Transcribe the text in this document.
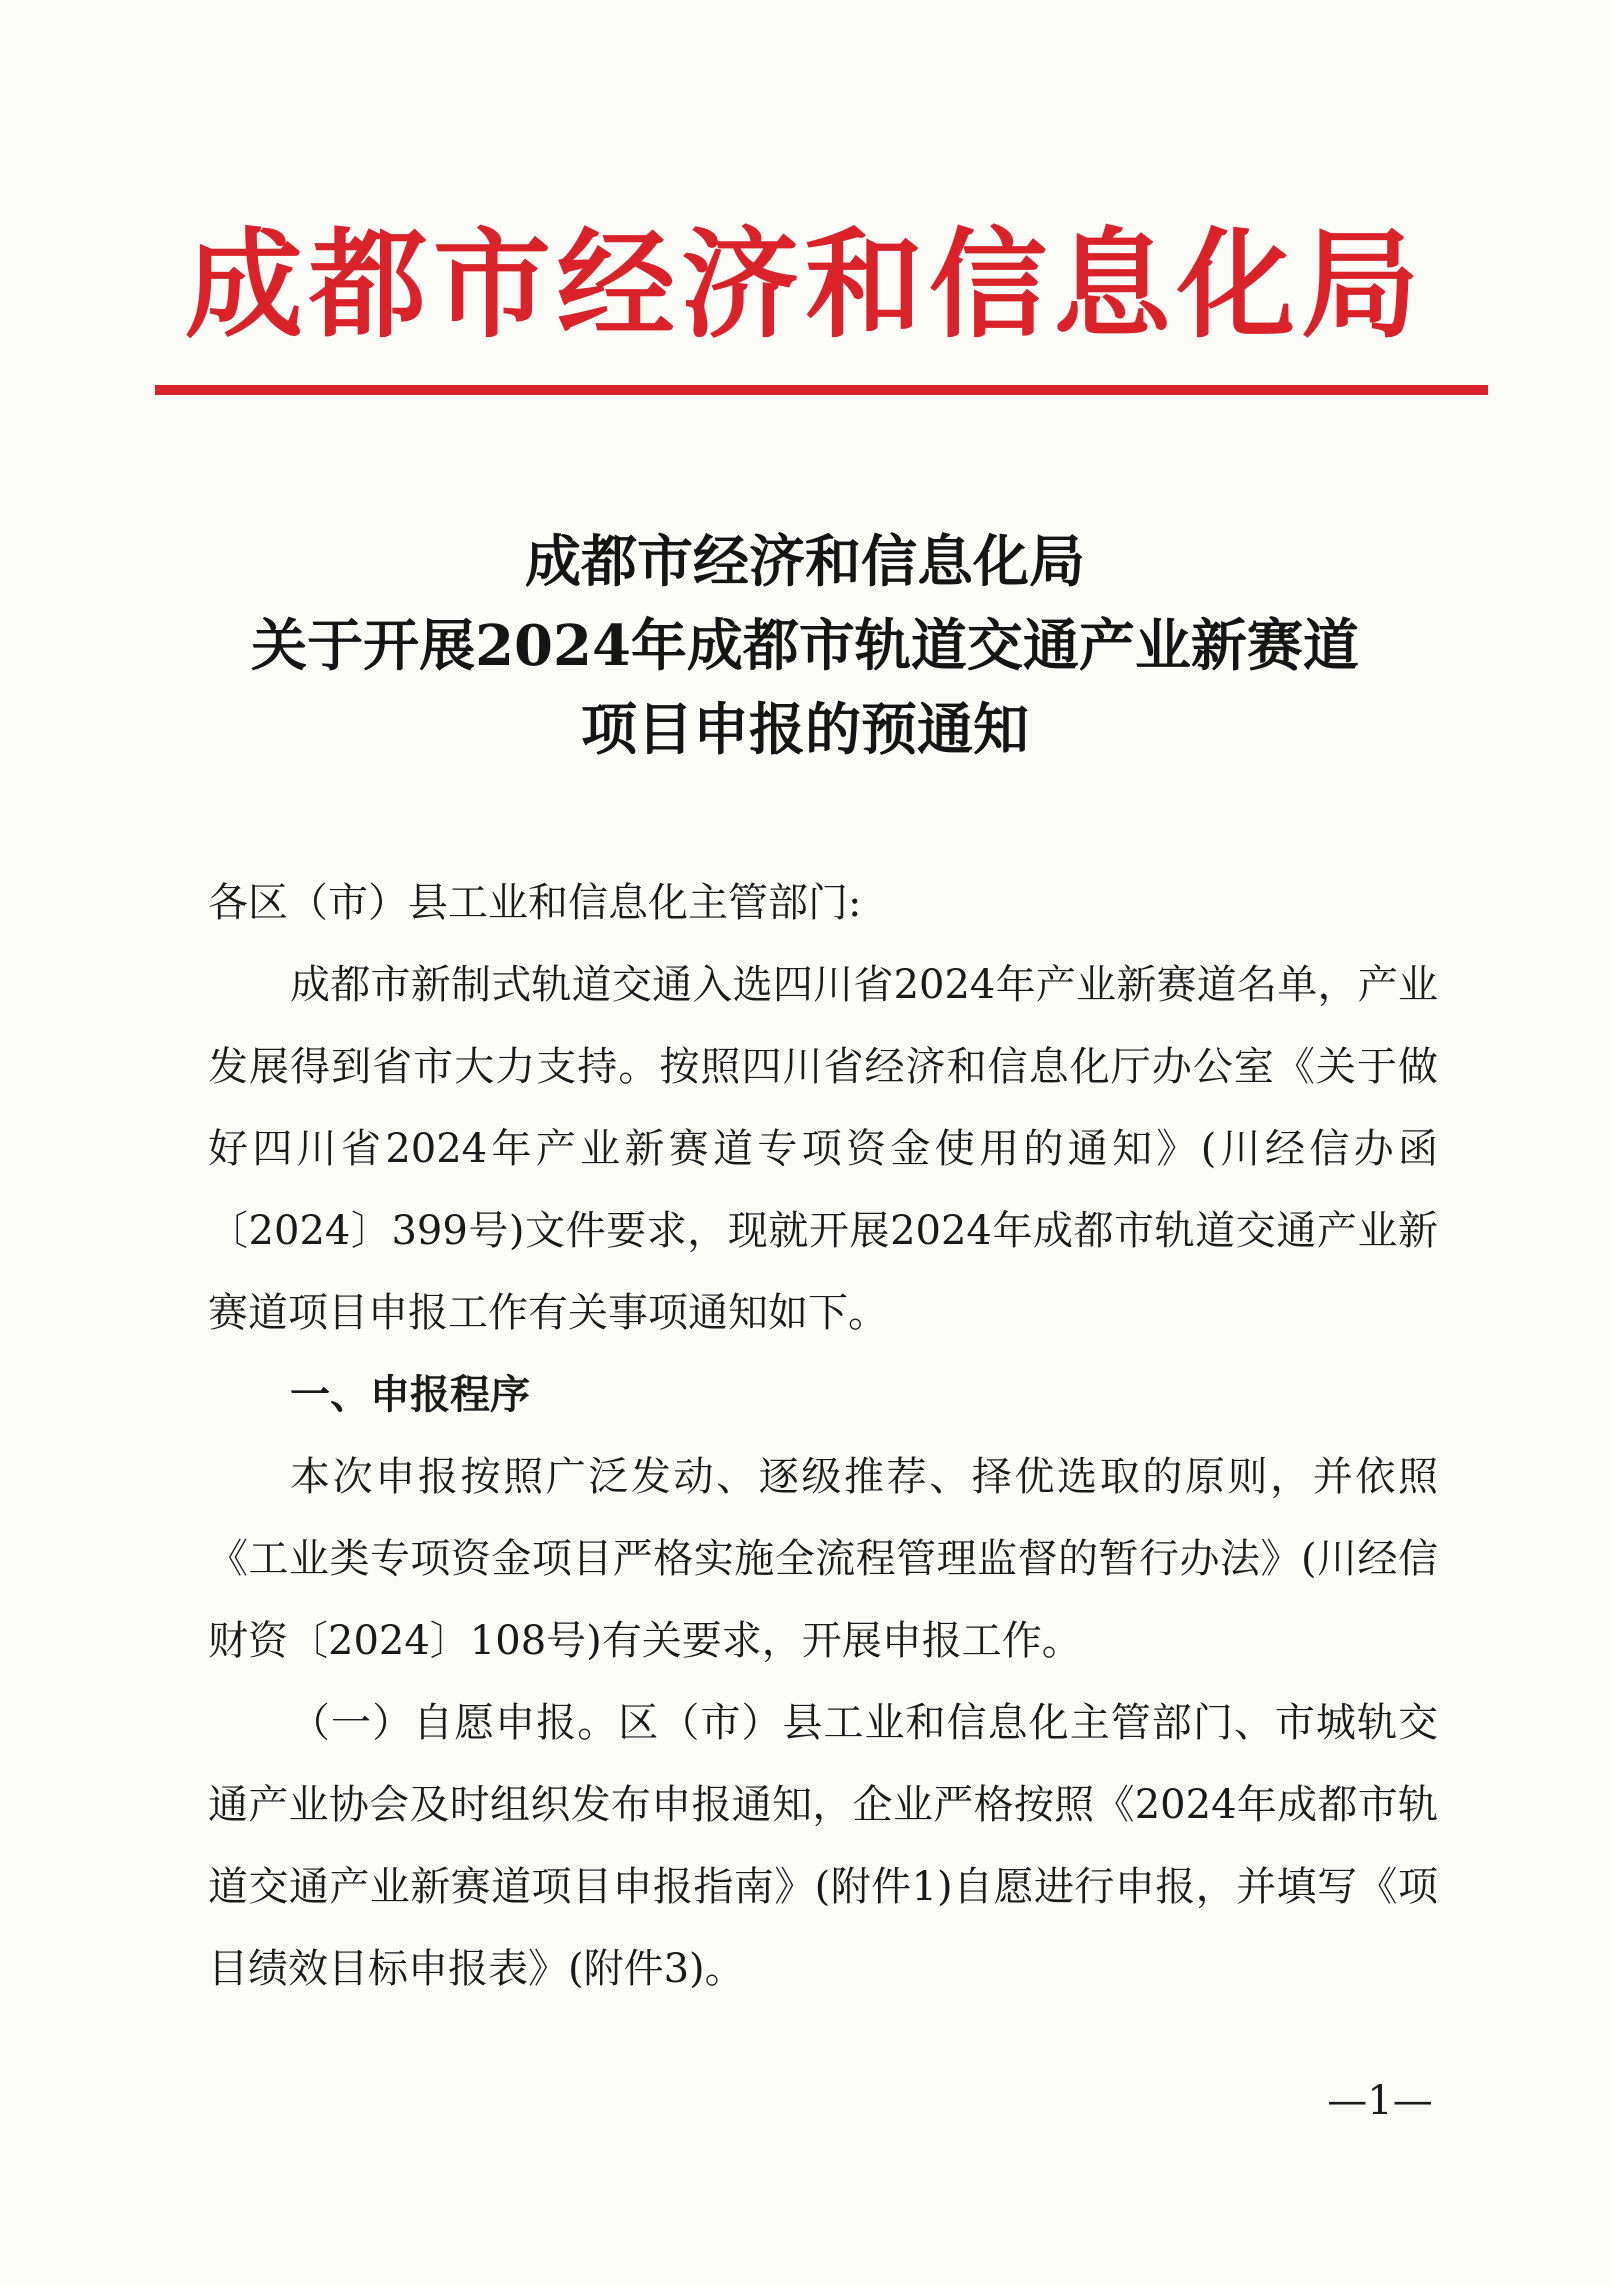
成都市经济和信息化局
成都市经济和信息化局
关于开展2024年成都市轨道交通产业新赛道
项目申报的预通知

各区（市）县工业和信息化主管部门:

成都市新制式轨道交通入选四川省2024年产业新赛道名单，产业发展得到省市大力支持。按照四川省经济和信息化厅办公室《关于做好四川省2024年产业新赛道专项资金使用的通知》(川经信办函〔2024〕399号)文件要求，现就开展2024年成都市轨道交通产业新赛道项目申报工作有关事项通知如下。

一、申报程序

本次申报按照广泛发动、逐级推荐、择优选取的原则，并依照《工业类专项资金项目严格实施全流程管理监督的暂行办法》(川经信财资〔2024〕108号)有关要求，开展申报工作。

（一）自愿申报。区（市）县工业和信息化主管部门、市城轨交通产业协会及时组织发布申报通知，企业严格按照《2024年成都市轨道交通产业新赛道项目申报指南》(附件1)自愿进行申报，并填写《项目绩效目标申报表》(附件3)。

—1—
